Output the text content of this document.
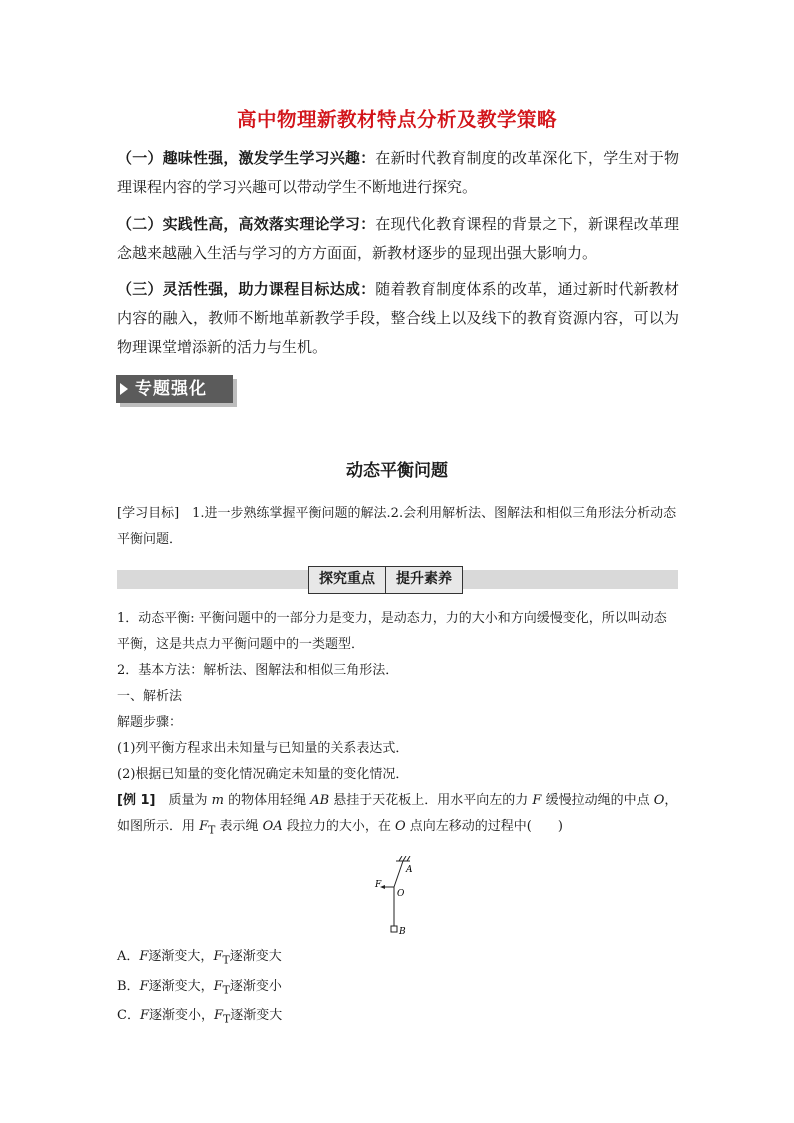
高中物理新教材特点分析及教学策略
（一）趣味性强，激发学生学习兴趣：在新时代教育制度的改革深化下，学生对于物理课程内容的学习兴趣可以带动学生不断地进行探究。
（二）实践性高，高效落实理论学习：在现代化教育课程的背景之下，新课程改革理念越来越融入生活与学习的方方面面，新教材逐步的显现出强大影响力。
（三）灵活性强，助力课程目标达成：随着教育制度体系的改革，通过新时代新教材内容的融入，教师不断地革新教学手段，整合线上以及线下的教育资源内容，可以为物理课堂增添新的活力与生机。
专题强化
动态平衡问题
[学习目标]　1.进一步熟练掌握平衡问题的解法.2.会利用解析法、图解法和相似三角形法分析动态平衡问题．
探究重点	提升素养

1．动态平衡: 平衡问题中的一部分力是变力，是动态力，力的大小和方向缓慢变化，所以叫动态平衡，这是共点力平衡问题中的一类题型．

2．基本方法：解析法、图解法和相似三角形法．

一、解析法

解题步骤：

(1)列平衡方程求出未知量与已知量的关系表达式．

(2)根据已知量的变化情况确定未知量的变化情况．

[例 1]　质量为 m 的物体用轻绳 AB 悬挂于天花板上．用水平向左的力 F 缓慢拉动绳的中点 O，如图所示．用 $F_T$ 表示绳 OA 段拉力的大小，在 O 点向左移动的过程中(　　)

A
F
O
B

A．F逐渐变大，$F_T$逐渐变大

B．F逐渐变大，$F_T$逐渐变小

C．F逐渐变小，$F_T$逐渐变大
